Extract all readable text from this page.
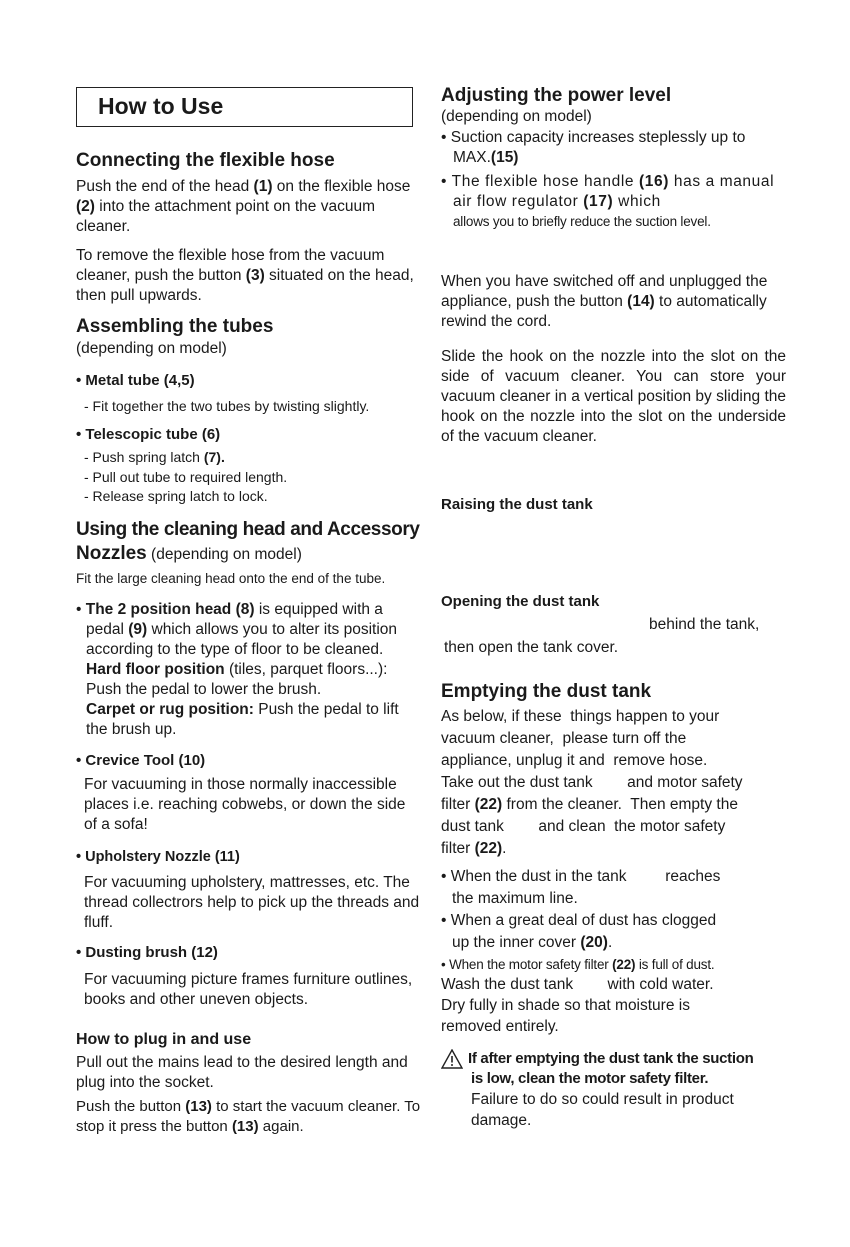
How to Use

Connecting the flexible hose

Push the end of the head (1) on the flexible hose (2) into the attachment point on the vacuum cleaner.

To remove the flexible hose from the vacuum cleaner, push the button (3) situated on the head, then pull upwards.

Assembling the tubes

(depending on model)

• Metal tube (4,5)

- Fit together the two tubes by twisting slightly.

• Telescopic tube (6)

- Push spring latch (7).

- Pull out tube to required length.

- Release spring latch to lock.

Using the cleaning head and Accessory

Nozzles (depending on model)

Fit the large cleaning head onto the end of the tube.

• The 2 position head (8) is equipped with a pedal (9) which allows you to alter its position according to the type of floor to be cleaned.

Hard floor position (tiles, parquet floors...): Push the pedal to lower the brush.

Carpet or rug position: Push the pedal to lift the brush up.

• Crevice Tool (10)

For vacuuming in those normally inaccessible places i.e. reaching cobwebs, or down the side of a sofa!

• Upholstery Nozzle (11)

For vacuuming upholstery, mattresses, etc. The thread collectrors help to pick up the threads and fluff.

• Dusting brush (12)

For vacuuming picture frames furniture outlines, books and other uneven objects.

How to plug in and use

Pull out the mains lead to the desired length and plug into the socket.

Push the button (13) to start the vacuum cleaner. To stop it press the button (13) again.

Adjusting the power level

(depending on model)

• Suction capacity increases steplessly up to MAX.(15)

• The flexible hose handle (16) has a manual air flow regulator (17) which

allows you to briefly reduce the suction level.

When you have switched off and unplugged the appliance, push the button (14) to automatically rewind the cord.

Slide the hook on the nozzle into the slot on the side of vacuum cleaner. You can store your vacuum cleaner in a vertical position by sliding the hook on the nozzle into the slot on the underside of the vacuum cleaner.

Raising the dust tank

Opening the dust tank

behind the tank,

then open the tank cover.

Emptying the dust tank

As below, if these  things happen to your

vacuum cleaner,  please turn off the

appliance, unplug it and  remove hose.

Take out the dust tank        and motor safety

filter (22) from the cleaner.  Then empty the

dust tank        and clean  the motor safety

filter (22).

• When the dust in the tank         reaches

the maximum line.

• When a great deal of dust has clogged

up the inner cover (20).

• When the motor safety filter (22) is full of dust.

Wash the dust tank        with cold water.

Dry fully in shade so that moisture is

removed entirely.

If after emptying the dust tank the suction

is low, clean the motor safety filter.

Failure to do so could result in product

damage.
